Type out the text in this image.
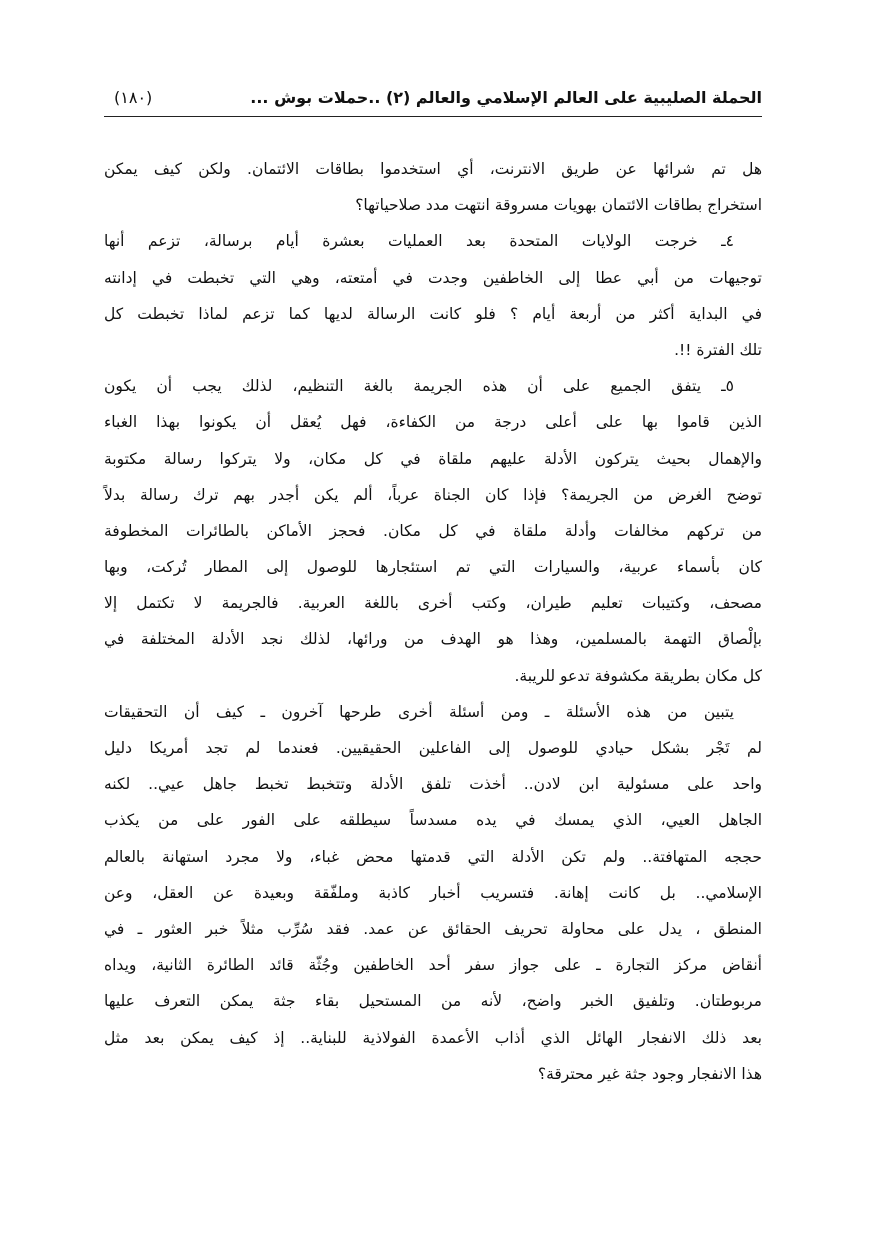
الحملة الصليبية على العالم الإسلامي والعالم (٢) ..حملات بوش ...
(١٨٠)
هل تم شرائها عن طريق الانترنت، أي استخدموا بطاقات الائتمان. ولكن كيف يمكن
استخراج بطاقات الائتمان بهويات مسروقة انتهت مدد صلاحياتها؟
٤ـ خرجت الولايات المتحدة بعد العمليات بعشرة أيام برسالة، تزعم أنها
توجيهات من أبي عطا إلى الخاطفين وجدت في أمتعته، وهي التي تخبطت في إدانته
في البداية أكثر من أربعة أيام ؟ فلو كانت الرسالة لديها كما تزعم لماذا تخبطت كل
تلك الفترة !!.
٥ـ يتفق الجميع على أن هذه الجريمة بالغة التنظيم، لذلك يجب أن يكون
الذين قاموا بها على أعلى درجة من الكفاءة، فهل يُعقل أن يكونوا بهذا الغباء
والإهمال بحيث يتركون الأدلة عليهم ملقاة في كل مكان، ولا يتركوا رسالة مكتوبة
توضح الغرض من الجريمة؟ فإذا كان الجناة عرباً، ألم يكن أجدر بهم ترك رسالة بدلاً
من تركهم مخالفات وأدلة ملقاة في كل مكان. فحجز الأماكن بالطائرات المخطوفة
كان بأسماء عربية، والسيارات التي تم استئجارها للوصول إلى المطار تُركت، وبها
مصحف، وكتيبات تعليم طيران، وكتب أخرى باللغة العربية. فالجريمة لا تكتمل إلا
بإلْصاق التهمة بالمسلمين، وهذا هو الهدف من ورائها، لذلك نجد الأدلة المختلفة في
كل مكان بطريقة مكشوفة تدعو للريبة.
يتبين من هذه الأسئلة ـ ومن أسئلة أخرى طرحها آخرون ـ كيف أن التحقيقات
لم تَجْر بشكل حيادي للوصول إلى الفاعلين الحقيقيين. فعندما لم تجد أمريكا دليل
واحد على مسئولية ابن لادن.. أخذت تلفق الأدلة وتتخبط تخبط جاهل عيي.. لكنه
الجاهل العيي، الذي يمسك في يده مسدساً سيطلقه على الفور على من يكذب
حججه المتهافتة.. ولم تكن الأدلة التي قدمتها محض غباء، ولا مجرد استهانة بالعالم
الإسلامي.. بل كانت إهانة. فتسريب أخبار كاذبة وملفّقة وبعيدة عن العقل، وعن
المنطق ، يدل على محاولة تحريف الحقائق عن عمد. فقد سُرِّب مثلاً خبر العثور ـ في
أنقاض مركز التجارة ـ على جواز سفر أحد الخاطفين وجُثّة قائد الطائرة الثانية، ويداه
مربوطتان. وتلفيق الخبر واضح، لأنه من المستحيل بقاء جثة يمكن التعرف عليها
بعد ذلك الانفجار الهائل الذي أذاب الأعمدة الفولاذية للبناية.. إذ كيف يمكن بعد مثل
هذا الانفجار وجود جثة غير محترقة؟
